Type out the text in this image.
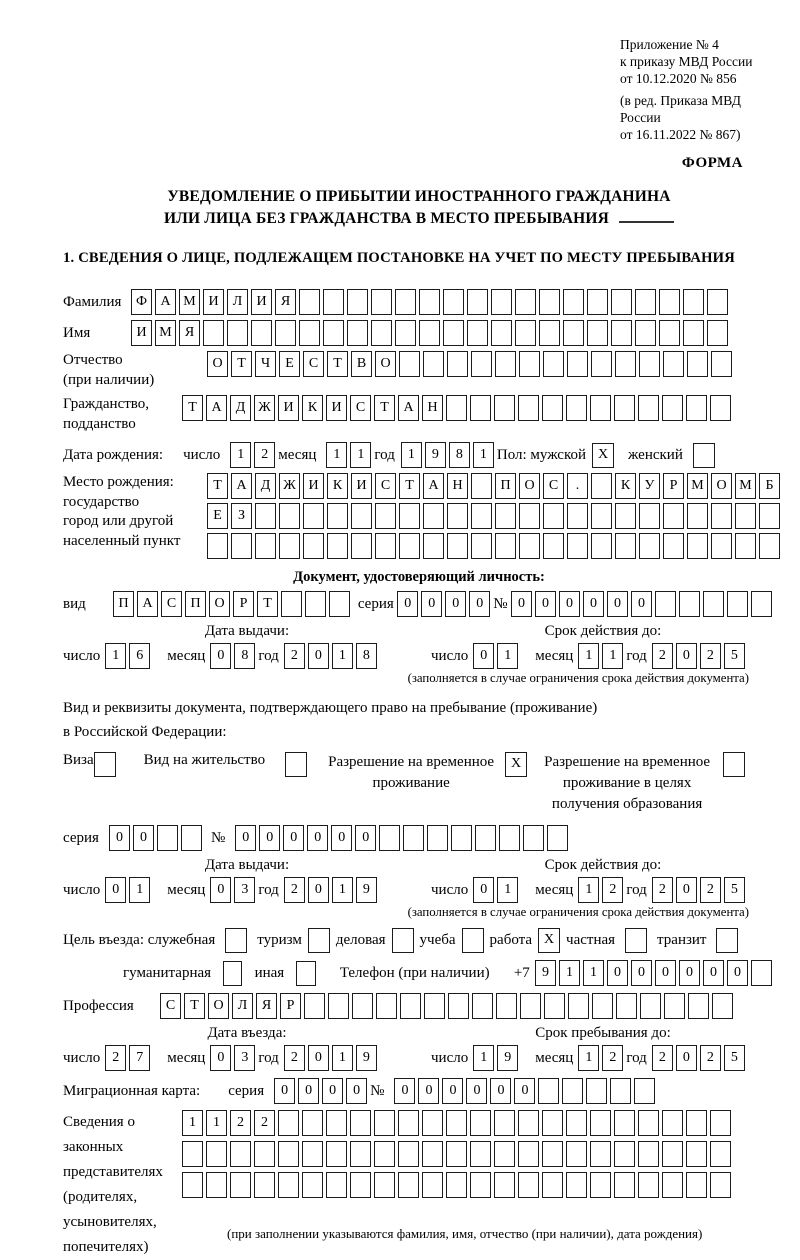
Приложение № 4
к приказу МВД России
от 10.12.2020 № 856
(в ред. Приказа МВД России
от 16.11.2022 № 867)
ФОРМА
УВЕДОМЛЕНИЕ О ПРИБЫТИИ ИНОСТРАННОГО ГРАЖДАНИНА
ИЛИ ЛИЦА БЕЗ ГРАЖДАНСТВА В МЕСТО ПРЕБЫВАНИЯ
1. СВЕДЕНИЯ О ЛИЦЕ, ПОДЛЕЖАЩЕМ ПОСТАНОВКЕ НА УЧЕТ ПО МЕСТУ ПРЕБЫВАНИЯ
Фамилия	Ф А М И Л И Я
Имя	И М Я
Отчество
(при наличии)
О Т Ч Е С Т В О
Гражданство,
подданство
Т А Д Ж И К И С Т А Н
Дата рождения: число	1 2 месяц	1 1 год 1 9 8 1 Пол: мужской X	женский
Место рождения:
государство
город или другой
населенный пункт
Т А Д Ж И К И С Т А Н	П О С .	К У Р М О М Б
Е З
Документ, удостоверяющий личность:
вид	П А С П О Р Т	серия 0 0 0 0 № 0 0 0 0 0 0
Дата выдачи:
число 1 6	месяц 0 8 год 2 0 1 8
Срок действия до:
число 0 1	месяц 1 1 год 2 0 2 5
(заполняется в случае ограничения срока действия документа)
Вид и реквизиты документа, подтверждающего право на пребывание (проживание)
в Российской Федерации:
Виза	Вид на жительство	Разрешение на временное проживание
X	Разрешение на временное проживание в целях получения образования
серия	0 0	№	0 0 0 0 0 0
Дата выдачи:
число 0 1	месяц 0 3 год 2 0 1 9
Срок действия до:
число 0 1	месяц 1 2 год 2 0 2 5
(заполняется в случае ограничения срока действия документа)
Цель въезда: служебная	туризм деловая учеба работа X частная	транзит
гуманитарная	иная	Телефон (при наличии) +7 9 1 1 0 0 0 0 0 0
Профессия	С Т О Л Я Р
Дата въезда:
число 2 7	месяц 0 3 год 2 0 1 9
Срок пребывания до:
число 1 9	месяц 1 2 год 2 0 2 5
Миграционная карта: серия	0 0 0 0 №	0 0 0 0 0 0
Сведения о
законных
представителях
(родителях,
усыновителях,
попечителях)
1 1 2 2
(при заполнении указываются фамилия, имя, отчество (при наличии), дата рождения)
